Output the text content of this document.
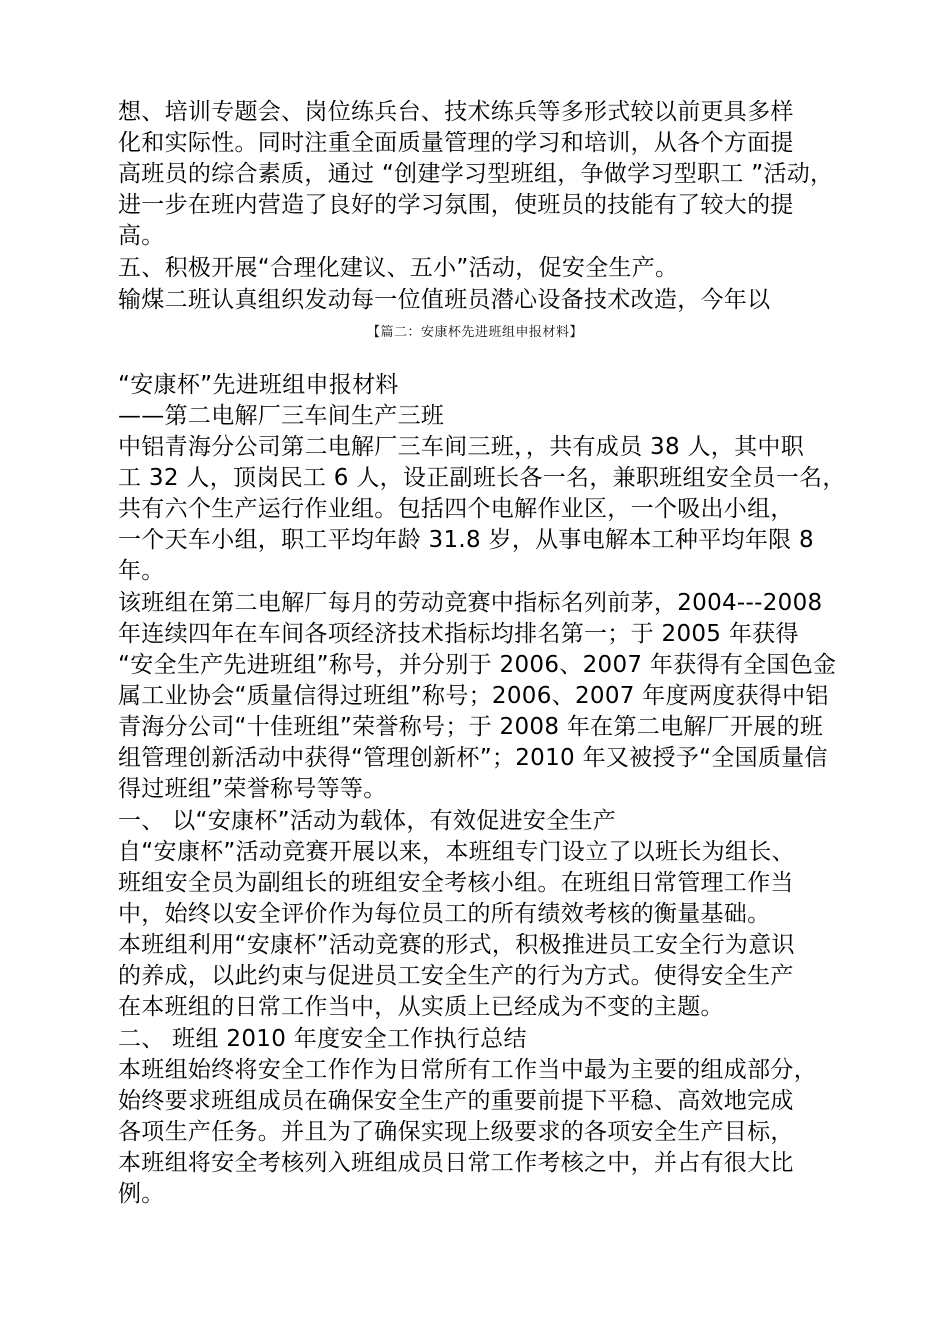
想、培训专题会、岗位练兵台、技术练兵等多形式较以前更具多样

化和实际性。同时注重全面质量管理的学习和培训，从各个方面提

高班员的综合素质，通过 “创建学习型班组，争做学习型职工 ”活动，

进一步在班内营造了良好的学习氛围，使班员的技能有了较大的提

高。

五、积极开展“合理化建议、五小”活动，促安全生产。

输煤二班认真组织发动每一位值班员潜心设备技术改造，今年以

【篇二：安康杯先进班组申报材料】

“安康杯”先进班组申报材料

——第二电解厂三车间生产三班

中铝青海分公司第二电解厂三车间三班，，共有成员 38 人，其中职

工 32 人，顶岗民工 6 人，设正副班长各一名，兼职班组安全员一名，

共有六个生产运行作业组。包括四个电解作业区，一个吸出小组，

一个天车小组，职工平均年龄 31.8 岁，从事电解本工种平均年限 8

年。

该班组在第二电解厂每月的劳动竞赛中指标名列前茅，2004---2008

年连续四年在车间各项经济技术指标均排名第一；于 2005 年获得

“安全生产先进班组”称号，并分别于 2006、2007 年获得有全国色金

属工业协会“质量信得过班组”称号；2006、2007 年度两度获得中铝

青海分公司“十佳班组”荣誉称号；于 2008 年在第二电解厂开展的班

组管理创新活动中获得“管理创新杯”；2010 年又被授予“全国质量信

得过班组”荣誉称号等等。

一、 以“安康杯”活动为载体，有效促进安全生产

自“安康杯”活动竞赛开展以来，本班组专门设立了以班长为组长、

班组安全员为副组长的班组安全考核小组。在班组日常管理工作当

中，始终以安全评价作为每位员工的所有绩效考核的衡量基础。

本班组利用“安康杯”活动竞赛的形式，积极推进员工安全行为意识

的养成，以此约束与促进员工安全生产的行为方式。使得安全生产

在本班组的日常工作当中，从实质上已经成为不变的主题。

二、 班组 2010 年度安全工作执行总结

本班组始终将安全工作作为日常所有工作当中最为主要的组成部分，

始终要求班组成员在确保安全生产的重要前提下平稳、高效地完成

各项生产任务。并且为了确保实现上级要求的各项安全生产目标，

本班组将安全考核列入班组成员日常工作考核之中，并占有很大比

例。
